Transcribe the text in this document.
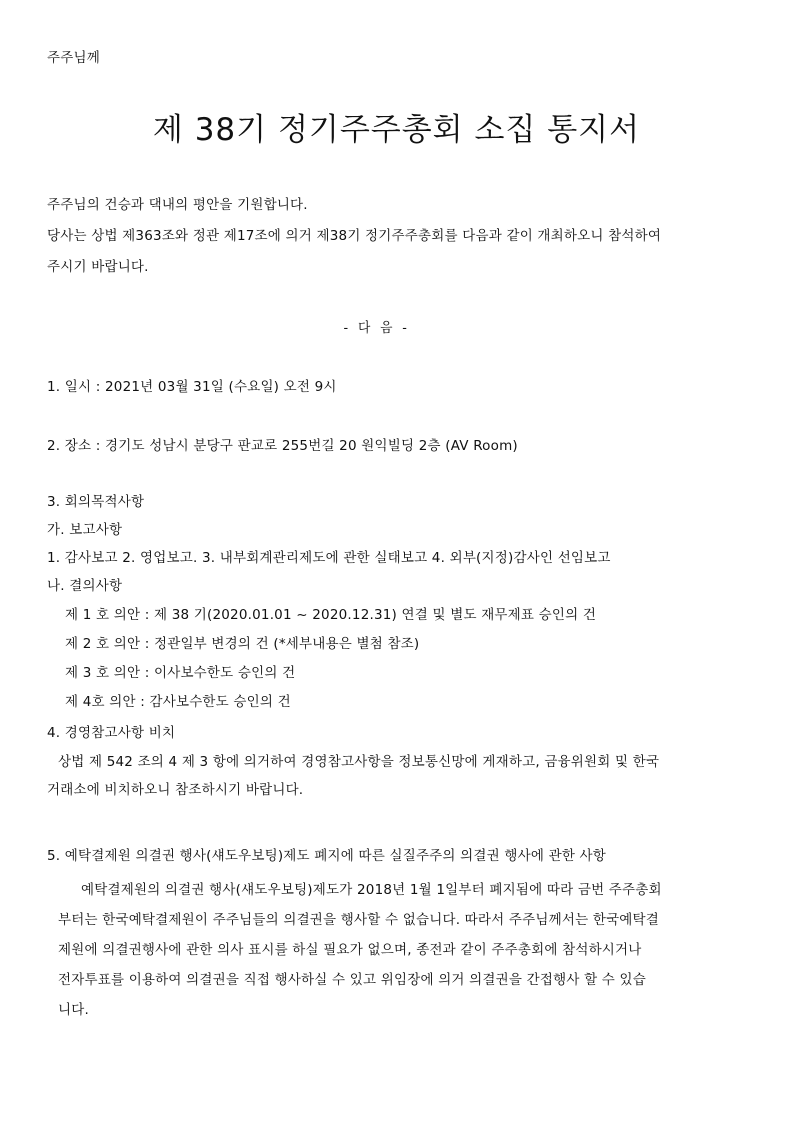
주주님께
제 38기 정기주주총회 소집 통지서
주주님의 건승과 댁내의 평안을 기원합니다.
당사는 상법 제363조와 정관 제17조에 의거 제38기 정기주주총회를 다음과 같이 개최하오니 참석하여
주시기 바랍니다.
- 다 음 -
1. 일시 : 2021년 03월 31일 (수요일) 오전 9시
2. 장소 : 경기도 성남시 분당구 판교로 255번길 20 원익빌딩 2층 (AV Room)
3. 회의목적사항
가. 보고사항
1. 감사보고 2. 영업보고. 3. 내부회계관리제도에 관한 실태보고 4. 외부(지정)감사인 선임보고
나. 결의사항
제 1 호 의안 : 제 38 기(2020.01.01 ~ 2020.12.31) 연결 및 별도 재무제표 승인의 건
제 2 호 의안 : 정관일부 변경의 건 (*세부내용은 별첨 참조)
제 3 호 의안 : 이사보수한도 승인의 건
제 4호 의안 : 감사보수한도 승인의 건
4. 경영참고사항 비치
상법 제 542 조의 4 제 3 항에 의거하여 경영참고사항을 정보통신망에 게재하고, 금융위원회 및 한국
거래소에 비치하오니 참조하시기 바랍니다.
5. 예탁결제원 의결권 행사(섀도우보팅)제도 폐지에 따른 실질주주의 의결권 행사에 관한 사항
예탁결제원의 의결권 행사(섀도우보팅)제도가 2018년 1월 1일부터 폐지됨에 따라 금번 주주총회
부터는 한국예탁결제원이 주주님들의 의결권을 행사할 수 없습니다. 따라서 주주님께서는 한국예탁결
제원에 의결권행사에 관한 의사 표시를 하실 필요가 없으며, 종전과 같이 주주총회에 참석하시거나
전자투표를 이용하여 의결권을 직접 행사하실 수 있고 위임장에 의거 의결권을 간접행사 할 수 있습
니다.
